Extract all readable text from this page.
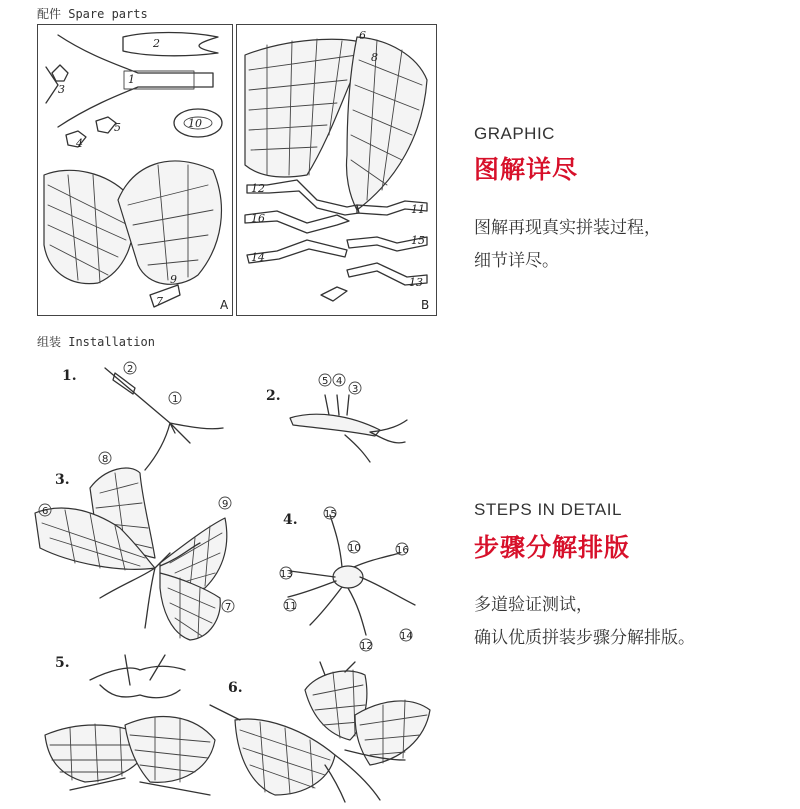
配件 Spare parts
1
2
3
4
5	10
9
7	A
6
8
12
16
14
11
15
13
B
GRAPHIC
图解详尽
图解再现真实拼装过程，
细节详尽。
组装 Installation
1.	2
1	2.
5 4
3
3.
8
9
6
7
4.	15
10	16
13
11
12
14
5.
6.
STEPS IN DETAIL
步骤分解排版
多道验证测试，
确认优质拼装步骤分解排版。
